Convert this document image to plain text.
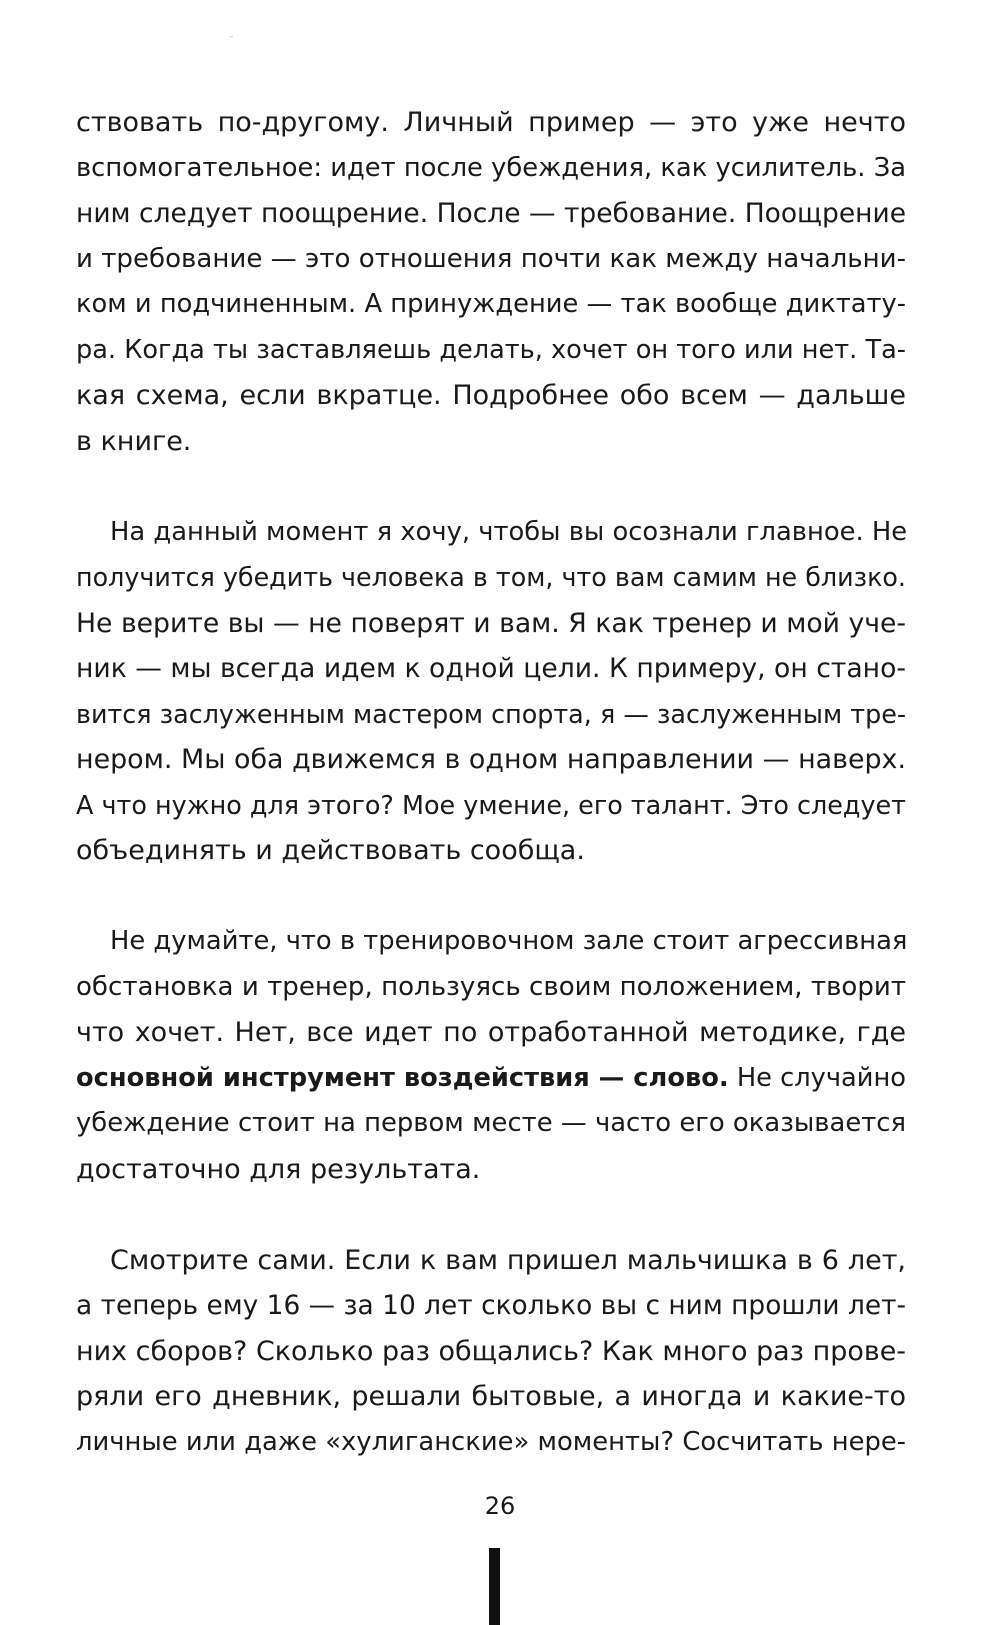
ствовать по-другому. Личный пример — это уже нечто
вспомогательное: идет после убеждения, как усилитель. За
ним следует поощрение. После — требование. Поощрение
и требование — это отношения почти как между начальни-
ком и подчиненным. А принуждение — так вообще диктату-
ра. Когда ты заставляешь делать, хочет он того или нет. Та-
кая схема, если вкратце. Подробнее обо всем — дальше
в книге.
На данный момент я хочу, чтобы вы осознали главное. Не
получится убедить человека в том, что вам самим не близко.
Не верите вы — не поверят и вам. Я как тренер и мой уче-
ник — мы всегда идем к одной цели. К примеру, он стано-
вится заслуженным мастером спорта, я — заслуженным тре-
нером. Мы оба движемся в одном направлении — наверх.
А что нужно для этого? Мое умение, его талант. Это следует
объединять и действовать сообща.
Не думайте, что в тренировочном зале стоит агрессивная
обстановка и тренер, пользуясь своим положением, творит
что хочет. Нет, все идет по отработанной методике, где
основной инструмент воздействия — слово. Не случайно
убеждение стоит на первом месте — часто его оказывается
достаточно для результата.
Смотрите сами. Если к вам пришел мальчишка в 6 лет,
а теперь ему 16 — за 10 лет сколько вы с ним прошли лет-
них сборов? Сколько раз общались? Как много раз прове-
ряли его дневник, решали бытовые, а иногда и какие-то
личные или даже «хулиганские» моменты? Сосчитать нере-
26
